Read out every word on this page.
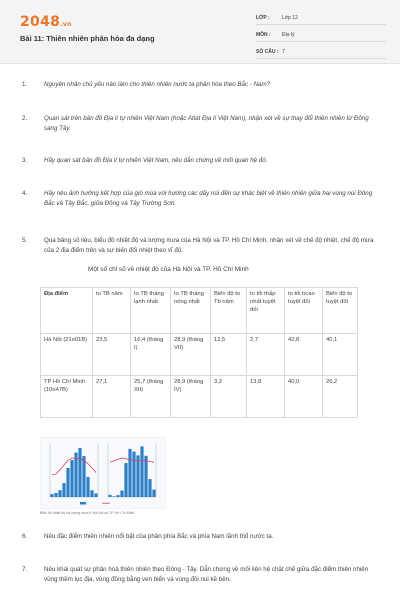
2048.vn
Bài 11: Thiên nhiên phân hóa đa dạng
LỚP :	Lớp 12
MÔN :	Địa lý
SỐ CÂU : 7
1.	Nguyên nhân chủ yếu nào làm cho thiên nhiên nước ta phân hóa theo Bắc - Nam?
2.	Quan sát trên bản đồ Địa lí tự nhiên Việt Nam (hoặc Atlat Địa lí Việt Nam), nhận xét về sự thay đổi thiên nhiên từ Đông sang Tây.
3.	Hãy quan sát bản đồ Địa lí tự nhiên Việt Nam, nêu dẫn chứng về mối quan hệ đó.
4.	Hãy nêu ảnh hưởng kết hợp của gió mùa với hướng các dãy núi đến sự khác biệt về thiên nhiên giữa hai vùng núi Đông Bắc và Tây Bắc, giữa Đông và Tây Trường Sơn.
5.	Qua bảng số liệu, biểu đồ nhiệt độ và lượng mưa của Hà Nội và TP. Hồ Chí Minh, nhận xét về chế độ nhiệt, chế độ mưa của 2 địa điểm trên và sự biến đổi nhiệt theo vĩ độ.
6.	Nêu đặc điểm thiên nhiên nổi bật của phần phía Bắc và phía Nam lãnh thổ nước ta.
7.	Nêu khái quát sự phân hoá thiên nhiên theo Đông - Tây. Dẫn chứng về mối liên hệ chặt chẽ giữa đặc điểm thiên nhiên vùng thềm lục địa, vùng đồng bằng ven biển và vùng đồi núi kề bên.
Một số chỉ số về nhiệt độ của Hà Nội và TP. Hồ Chí Minh
Địa điểm	to TB năm	to TB tháng lạnh nhất	to TB tháng nóng nhất	Biên độ to Tb năm	to tối thấp nhất tuyệt đối	to tối bcao tuyệt đối	Biên độ to tuyệt đối
Hà Nội (21o01B)	23,5	16,4 (tháng I)	28,9 (tháng VII)	12,5	2,7	42,8	40,1
TP Hồ Chí Minh (10o47B)	27,1	25,7 (tháng XII)	28,9 (tháng IV)	3,2	13,8	40,0	26,2
Biểu đồ nhiệt độ và lượng mưa ở Hà Nội và TP. Hồ Chí Minh
